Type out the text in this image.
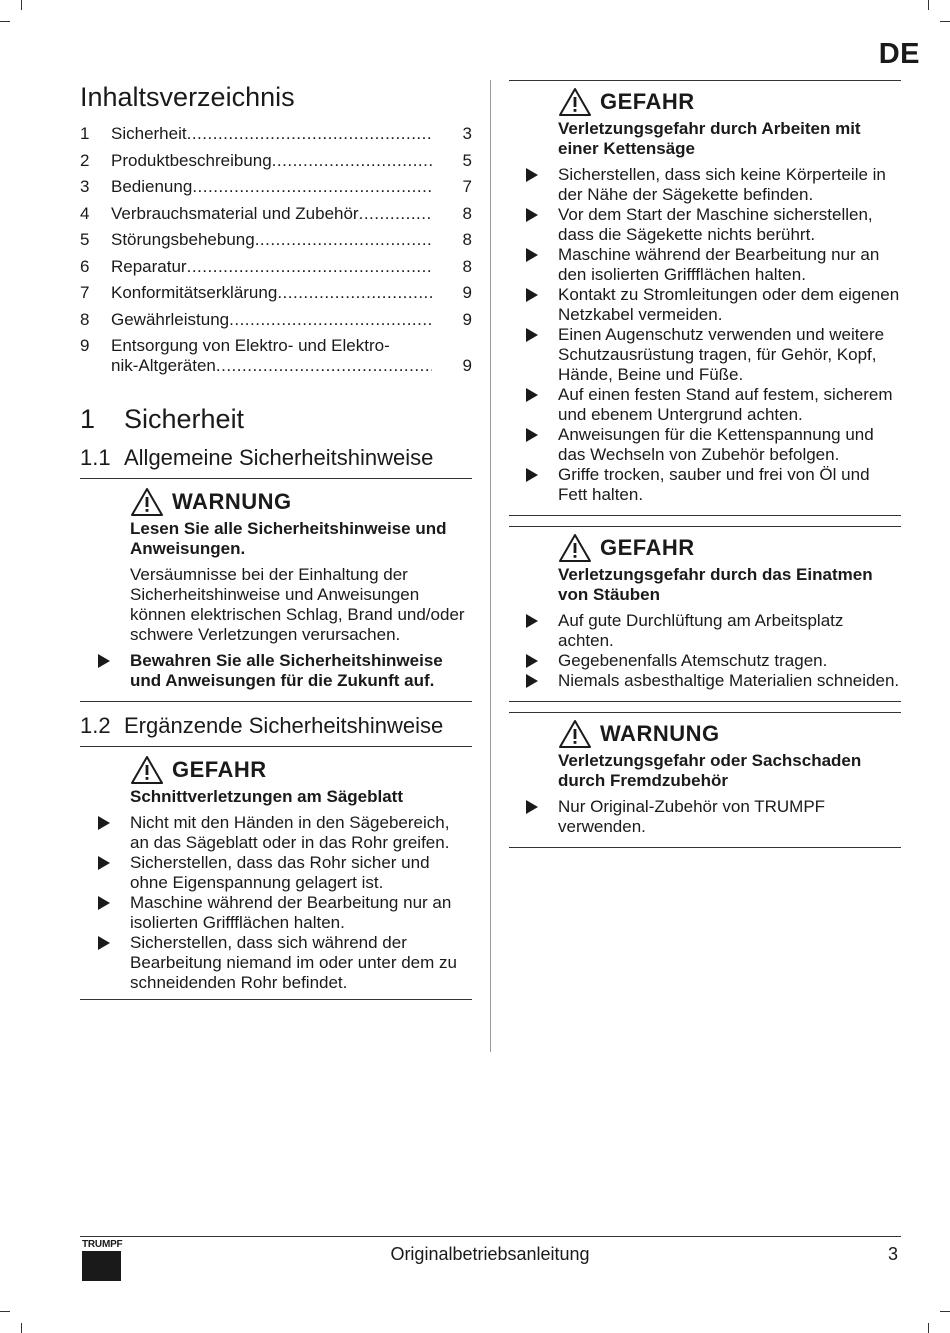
DE
Inhaltsverzeichnis
1	Sicherheit .....	3
2	Produktbeschreibung .....	5
3	Bedienung .....	7
4	Verbrauchsmaterial und Zubehör .....	8
5	Störungsbehebung .....	8
6	Reparatur .....	8
7	Konformitätserklärung .....	9
8	Gewährleistung .....	9
9	Entsorgung von Elektro- und Elektro-
nik-Altgeräten .....	9
1	Sicherheit
1.1 Allgemeine Sicherheitshinweise
WARNUNG
Lesen Sie alle Sicherheitshinweise und Anweisungen.
Versäumnisse bei der Einhaltung der Sicherheitshinweise und Anweisungen können elektrischen Schlag, Brand und/oder schwere Verletzungen verursachen.
Bewahren Sie alle Sicherheitshinweise und Anweisungen für die Zukunft auf.
1.2 Ergänzende Sicherheitshinweise
GEFAHR
Schnittverletzungen am Sägeblatt
Nicht mit den Händen in den Sägebereich, an das Sägeblatt oder in das Rohr greifen.
Sicherstellen, dass das Rohr sicher und ohne Eigenspannung gelagert ist.
Maschine während der Bearbeitung nur an isolierten Griffflächen halten.
Sicherstellen, dass sich während der Bearbeitung niemand im oder unter dem zu schneidenden Rohr befindet.
GEFAHR
Verletzungsgefahr durch Arbeiten mit einer Kettensäge
Sicherstellen, dass sich keine Körperteile in der Nähe der Sägekette befinden.
Vor dem Start der Maschine sicherstellen, dass die Sägekette nichts berührt.
Maschine während der Bearbeitung nur an den isolierten Griffflächen halten.
Kontakt zu Stromleitungen oder dem eigenen Netzkabel vermeiden.
Einen Augenschutz verwenden und weitere Schutzausrüstung tragen, für Gehör, Kopf, Hände, Beine und Füße.
Auf einen festen Stand auf festem, sicherem und ebenem Untergrund achten.
Anweisungen für die Kettenspannung und das Wechseln von Zubehör befolgen.
Griffe trocken, sauber und frei von Öl und Fett halten.
GEFAHR
Verletzungsgefahr durch das Einatmen von Stäuben
Auf gute Durchlüftung am Arbeitsplatz achten.
Gegebenenfalls Atemschutz tragen.
Niemals asbesthaltige Materialien schneiden.
WARNUNG
Verletzungsgefahr oder Sachschaden durch Fremdzubehör
Nur Original-Zubehör von TRUMPF verwenden.
TRUMPF	Originalbetriebsanleitung	3
